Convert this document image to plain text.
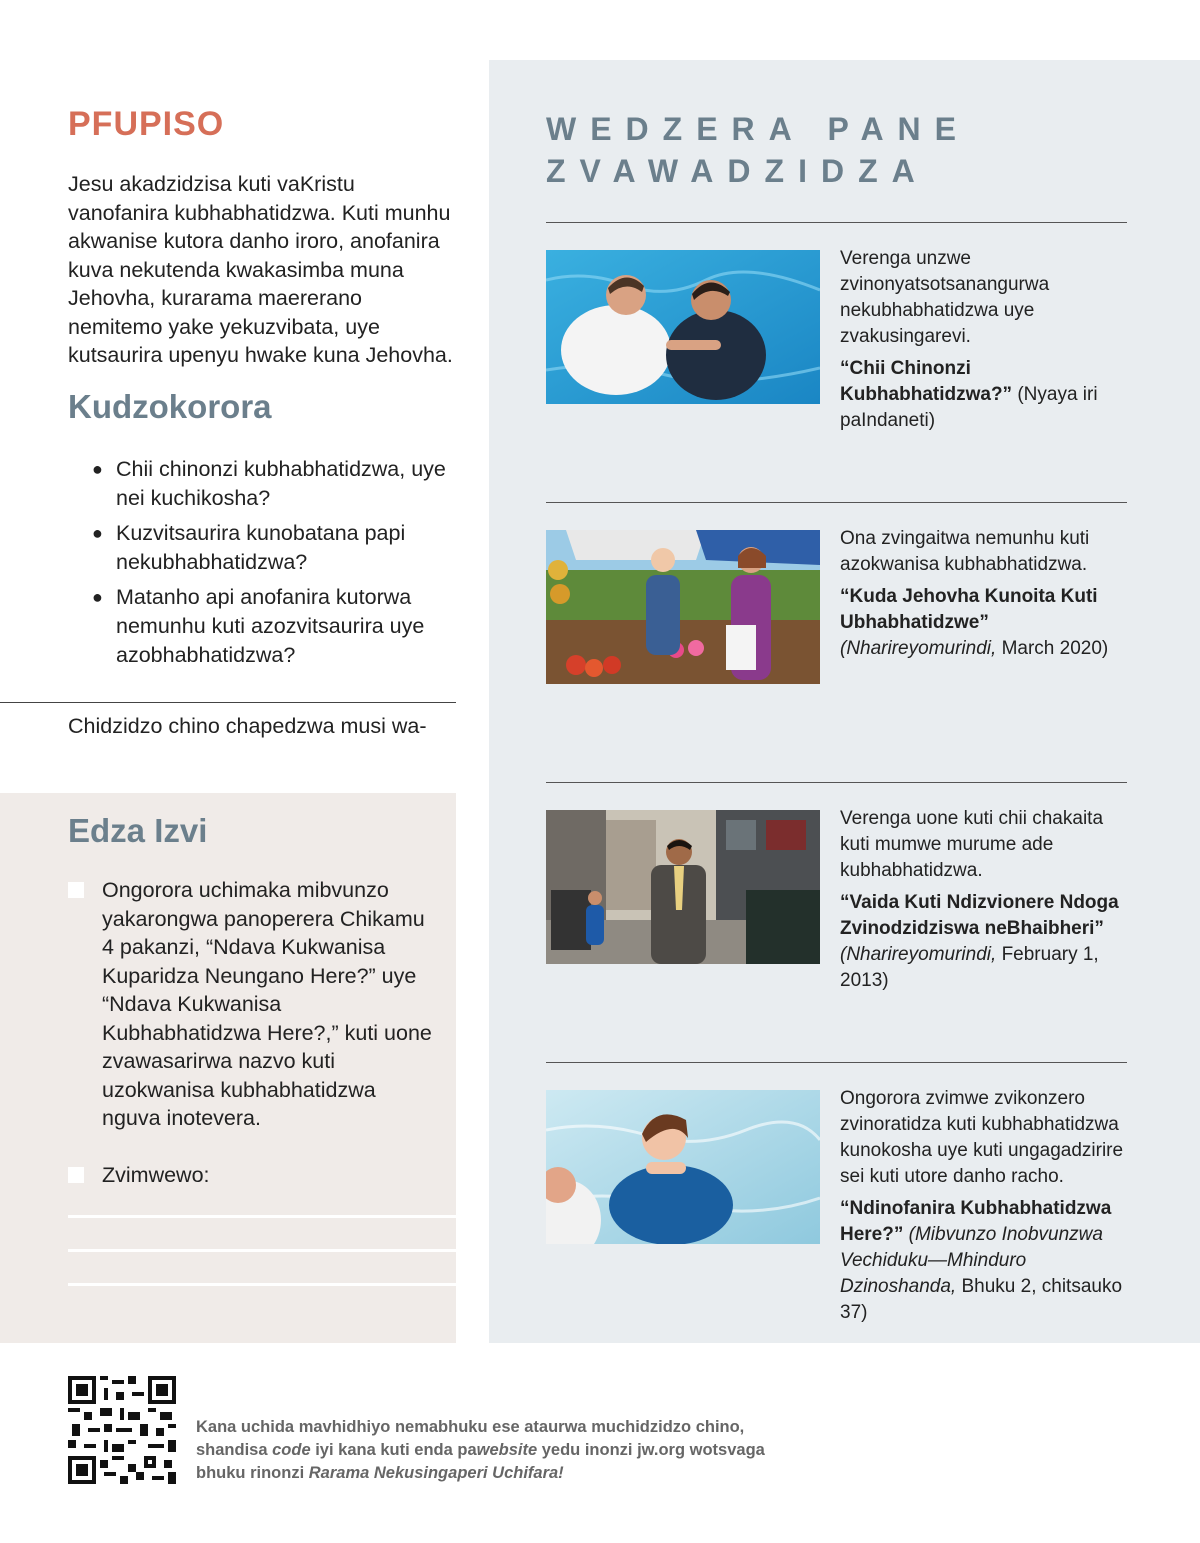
PFUPISO

Jesu akadzidzisa kuti vaKristu vanofanira kubhabhatidzwa. Kuti munhu akwanise kutora danho iroro, anofanira kuva nekutenda kwakasimba muna Jehovha, kurarama maererano nemitemo yake yekuzvibata, uye kutsaurira upenyu hwake kuna Jehovha.

Kudzokorora
● Chii chinonzi kubhabhatidzwa, uye nei kuchikosha?
● Kuzvitsaurira kunobatana papi nekubhabhatidzwa?
● Matanho api anofanira kutorwa nemunhu kuti azozvitsaurira uye azobhabhatidzwa?
Chidzidzo chino chapedzwa musi wa-
Edza Izvi
Ongorora uchimaka mibvunzo yakarongwa panoperera Chikamu 4 pakanzi, “Ndava Kukwanisa Kuparidza Neungano Here?” uye “Ndava Kukwanisa Kubhabhatidzwa Here?,” kuti uone zvawasarirwa nazvo kuti uzokwanisa kubhabhatidzwa nguva inotevera.
Zvimwewo:
WEDZERA PANE
ZVAWADZIDZA
Verenga unzwe zvinonyatsotsanangurwa nekubhabhatidzwa uye zvakusingarevi.
“Chii Chinonzi Kubhabhatidzwa?” (Nyaya iri paIndaneti)
Ona zvingaitwa nemunhu kuti azokwanisa kubhabhatidzwa.
“Kuda Jehovha Kunoita Kuti Ubhabhatidzwe” (Nharireyomurindi, March 2020)
Verenga uone kuti chii chakaita kuti mumwe murume ade kubhabhatidzwa.
“Vaida Kuti Ndizvionere Ndoga Zvinodzidziswa neBhaibheri” (Nharireyomurindi, February 1, 2013)
Ongorora zvimwe zvikonzero zvinoratidza kuti kubhabhatidzwa kunokosha uye kuti ungagadzirire sei kuti utore danho racho.
“Ndinofanira Kubhabhatidzwa Here?” (Mibvunzo Inobvunzwa Vechiduku—Mhinduro Dzinoshanda, Bhuku 2, chitsauko 37)
Kana uchida mavhidhiyo nemabhuku ese ataurwa muchidzidzo chino, shandisa code iyi kana kuti enda pawebsite yedu inonzi jw.org wotsvaga bhuku rinonzi Rarama Nekusingaperi Uchifara!
